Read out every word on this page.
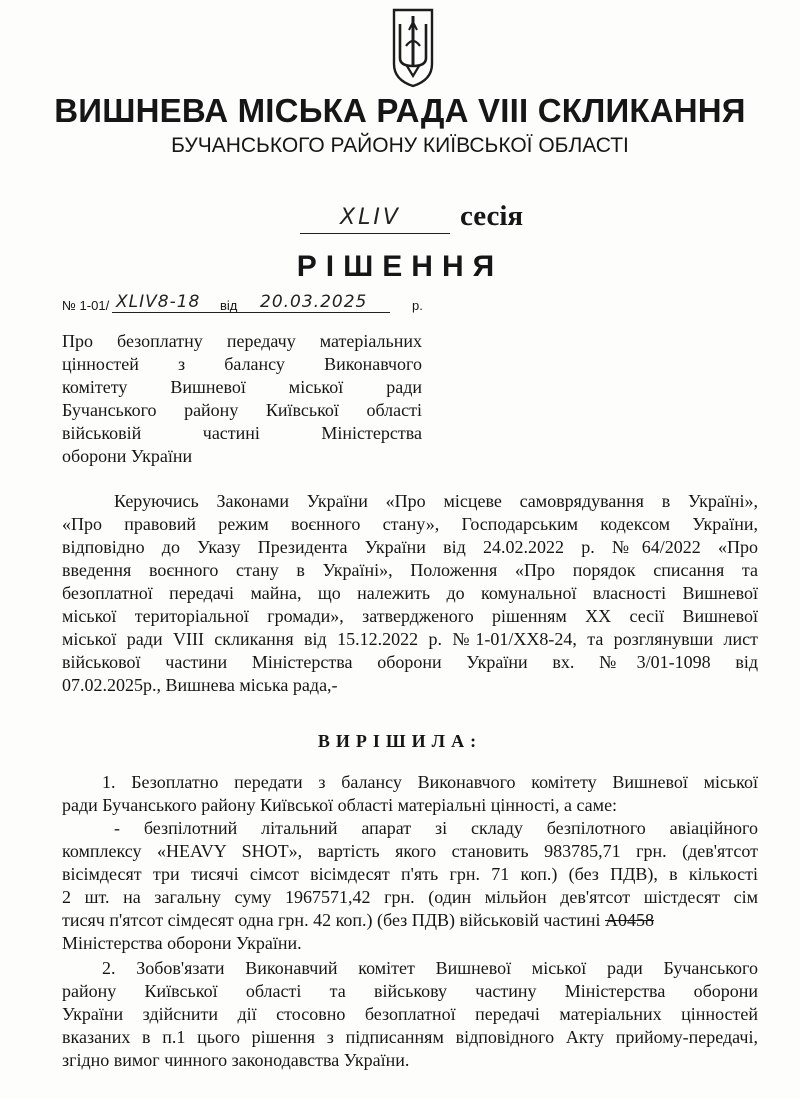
ВИШНЕВА МІСЬКА РАДА VIII СКЛИКАННЯ
БУЧАНСЬКОГО РАЙОНУ КИЇВСЬКОЇ ОБЛАСТІ
XLIV сесія
РІШЕННЯ
№ 1-01/ XLIV8-18 від 20.03.2025	р.
Про безоплатну передачу матеріальних
цінностей з балансу Виконавчого
комітету Вишневої міської ради
Бучанського району Київської області
військовій частині Міністерства
оборони України
Керуючись Законами України «Про місцеве самоврядування в Україні»,
«Про правовий режим воєнного стану», Господарським кодексом України,
відповідно до Указу Президента України від 24.02.2022 р. №64/2022 «Про
введення воєнного стану в Україні», Положення «Про порядок списання та
безоплатної передачі майна, що належить до комунальної власності Вишневої
міської територіальної громади», затвердженого рішенням ХХ сесії Вишневої
міської ради VIII скликання від 15.12.2022 р. №1-01/ХХ8-24, та розглянувши лист
військової частини Міністерства оборони України вх. №3/01-1098 від
07.02.2025р., Вишнева міська рада,-
ВИРІШИЛА:
1. Безоплатно передати з балансу Виконавчого комітету Вишневої міської
ради Бучанського району Київської області матеріальні цінності, а саме:
- безпілотний літальний апарат зі складу безпілотного авіаційного
комплексу «HEAVY SHOT», вартість якого становить 983785,71 грн. (дев'ятсот
вісімдесят три тисячі сімсот вісімдесят п'ять грн. 71 коп.) (без ПДВ), в кількості
2 шт. на загальну суму 1967571,42 грн. (один мільйон дев'ятсот шістдесят сім
тисяч п'ятсот сімдесят одна грн. 42 коп.) (без ПДВ) військовій частині А0458
Міністерства оборони України.
2. Зобов'язати Виконавчий комітет Вишневої міської ради Бучанського
району Київської області та військову частину Міністерства оборони
України здійснити дії стосовно безоплатної передачі матеріальних цінностей
вказаних в п.1 цього рішення з підписанням відповідного Акту прийому-передачі,
згідно вимог чинного законодавства України.
